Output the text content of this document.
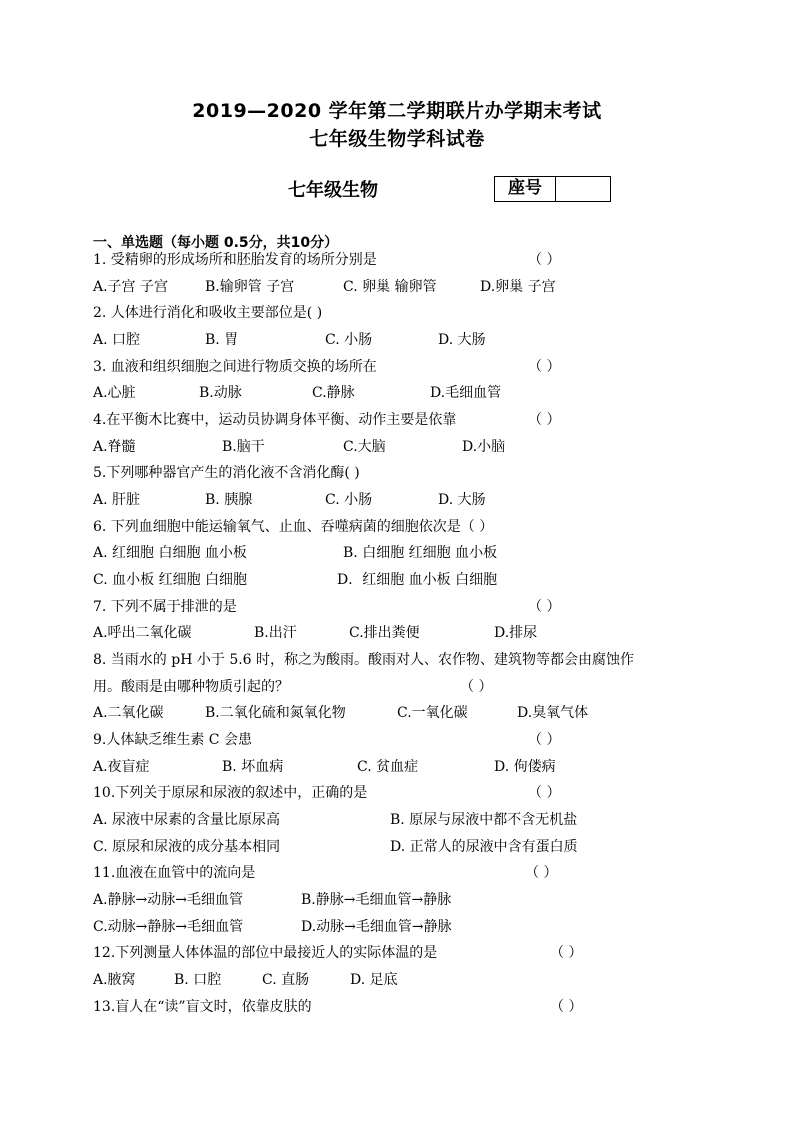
2019—2020 学年第二学期联片办学期末考试
七年级生物学科试卷
七年级生物	座号
一、单选题（每小题 0.5分，共10分）
1. 受精卵的形成场所和胚胎发育的场所分别是	（ ）
A.子宫 子宫	B.输卵管 子宫	C. 卵巢 输卵管	D.卵巢 子宫
2. 人体进行消化和吸收主要部位是( )
A. 口腔	B. 胃	C. 小肠	D. 大肠
3. 血液和组织细胞之间进行物质交换的场所在	（ ）
A.心脏	B.动脉	C.静脉	D.毛细血管
4.在平衡木比赛中，运动员协调身体平衡、动作主要是依靠	（ ）
A.脊髓	B.脑干	C.大脑	D.小脑
5.下列哪种器官产生的消化液不含消化酶( )
A. 肝脏	B. 胰腺	C. 小肠	D. 大肠
6. 下列血细胞中能运输氧气、止血、吞噬病菌的细胞依次是（ ）
A. 红细胞 白细胞 血小板	B. 白细胞 红细胞 血小板
C. 血小板 红细胞 白细胞	D．红细胞 血小板 白细胞
7. 下列不属于排泄的是	（ ）
A.呼出二氧化碳	B.出汗	C.排出粪便	D.排尿
8. 当雨水的 pH 小于 5.6 时，称之为酸雨。酸雨对人、农作物、建筑物等都会由腐蚀作
用。酸雨是由哪种物质引起的？	（ ）
A.二氧化碳	B.二氧化硫和氮氧化物	C.一氧化碳	D.臭氧气体
9.人体缺乏维生素 C 会患	（ ）
A.夜盲症	B. 坏血病	C. 贫血症	D. 佝偻病
10.下列关于原尿和尿液的叙述中，正确的是	（ ）
A. 尿液中尿素的含量比原尿高	B. 原尿与尿液中都不含无机盐
C. 原尿和尿液的成分基本相同	D. 正常人的尿液中含有蛋白质
11.血液在血管中的流向是	（ ）
A.静脉→动脉→毛细血管	B.静脉→毛细血管→静脉
C.动脉→静脉→毛细血管	D.动脉→毛细血管→静脉
12.下列测量人体体温的部位中最接近人的实际体温的是	（ ）
A.腋窝	B. 口腔	C. 直肠	D. 足底
13.盲人在“读”盲文时，依靠皮肤的	（ ）
